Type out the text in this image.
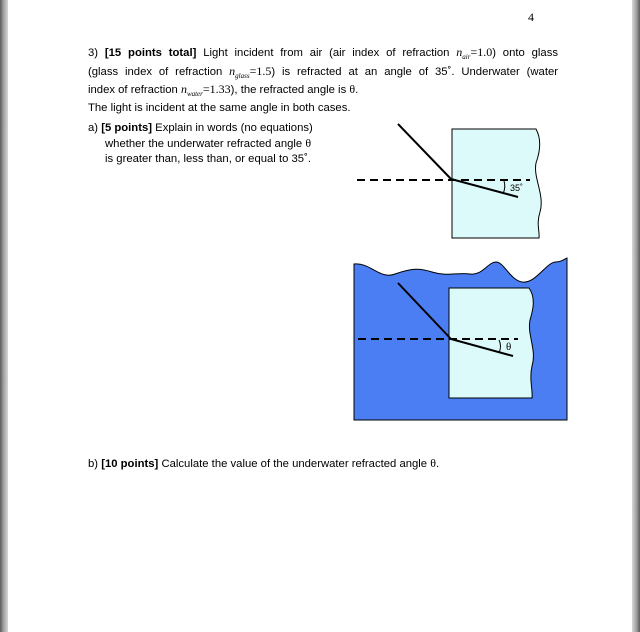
4
3) [15 points total] Light incident from air (air index of refraction $n_{air}=1.0$) onto glass
(glass index of refraction $n_{glass}=1.5$) is refracted at an angle of 35˚. Underwater (water
index of refraction $n_{water}=1.33$), the refracted angle is θ.
The light is incident at the same angle in both cases.
a) [5 points] Explain in words (no equations)
whether the underwater refracted angle θ
is greater than, less than, or equal to 35˚.
35˚
θ
b) [10 points] Calculate the value of the underwater refracted angle θ.
